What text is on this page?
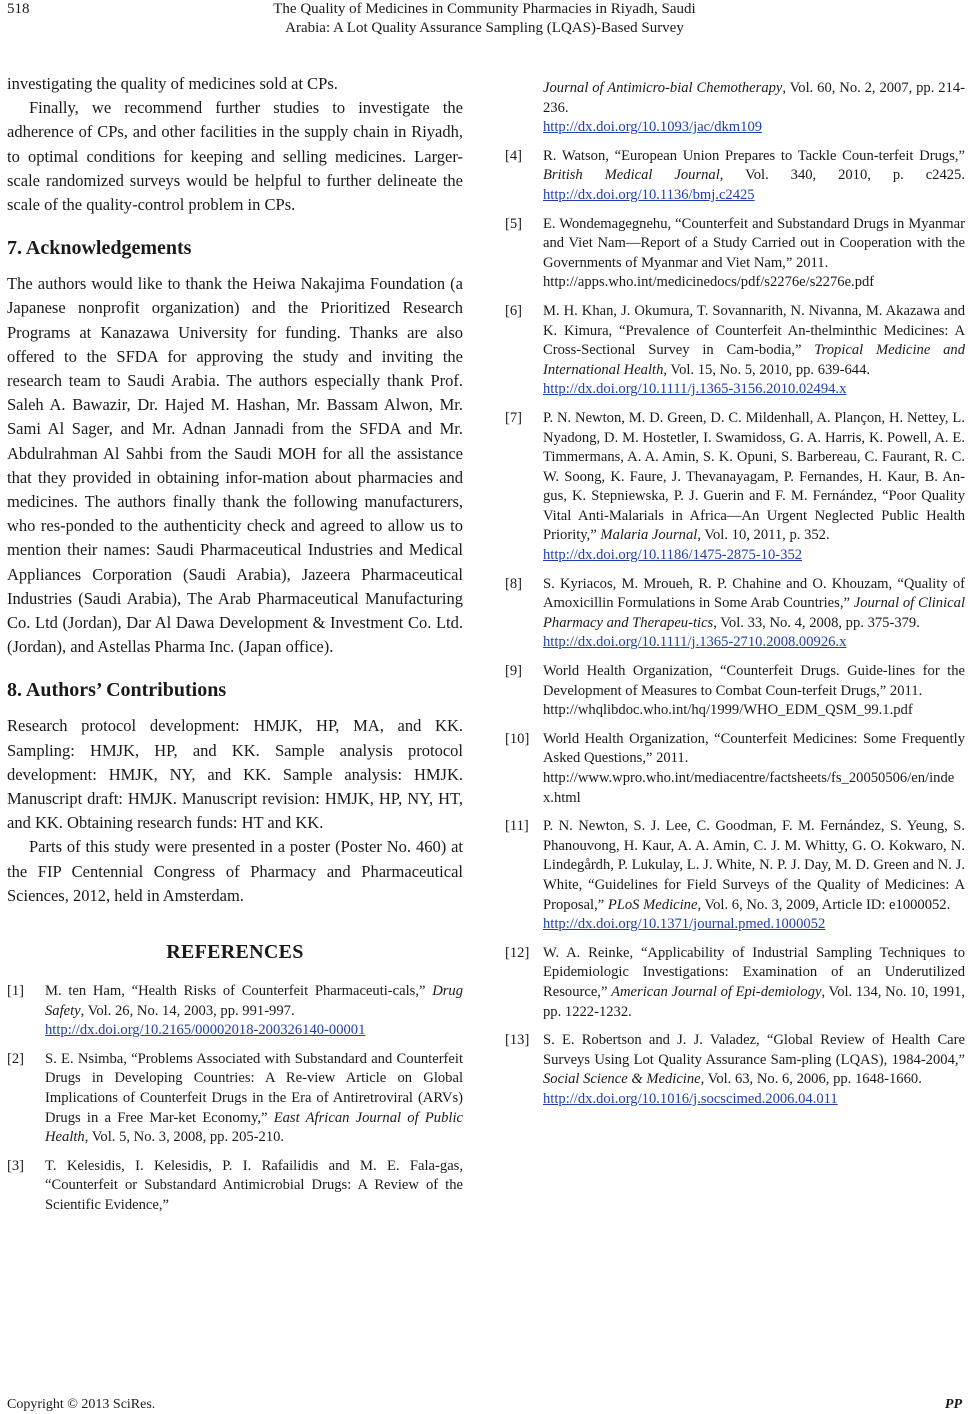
518	The Quality of Medicines in Community Pharmacies in Riyadh, Saudi
Arabia: A Lot Quality Assurance Sampling (LQAS)-Based Survey

investigating the quality of medicines sold at CPs.

Finally, we recommend further studies to investigate the adherence of CPs, and other facilities in the supply chain in Riyadh, to optimal conditions for keeping and selling medicines. Larger-scale randomized surveys would be helpful to further delineate the scale of the quality-control problem in CPs.

7. Acknowledgements

The authors would like to thank the Heiwa Nakajima Foundation (a Japanese nonprofit organization) and the Prioritized Research Programs at Kanazawa University for funding. Thanks are also offered to the SFDA for approving the study and inviting the research team to Saudi Arabia. The authors especially thank Prof. Saleh A. Bawazir, Dr. Hajed M. Hashan, Mr. Bassam Alwon, Mr. Sami Al Sager, and Mr. Adnan Jannadi from the SFDA and Mr. Abdulrahman Al Sahbi from the Saudi MOH for all the assistance that they provided in obtaining infor-mation about pharmacies and medicines. The authors finally thank the following manufacturers, who res-ponded to the authenticity check and agreed to allow us to mention their names: Saudi Pharmaceutical Industries and Medical Appliances Corporation (Saudi Arabia), Jazeera Pharmaceutical Industries (Saudi Arabia), The Arab Pharmaceutical Manufacturing Co. Ltd (Jordan), Dar Al Dawa Development & Investment Co. Ltd. (Jordan), and Astellas Pharma Inc. (Japan office).

8. Authors’ Contributions

Research protocol development: HMJK, HP, MA, and KK. Sampling: HMJK, HP, and KK. Sample analysis protocol development: HMJK, NY, and KK. Sample analysis: HMJK. Manuscript draft: HMJK. Manuscript revision: HMJK, HP, NY, HT, and KK. Obtaining research funds: HT and KK.

Parts of this study were presented in a poster (Poster No. 460) at the FIP Centennial Congress of Pharmacy and Pharmaceutical Sciences, 2012, held in Amsterdam.

REFERENCES
[1]	M. ten Ham, “Health Risks of Counterfeit Pharmaceuti-cals,” Drug Safety, Vol. 26, No. 14, 2003, pp. 991-997.
http://dx.doi.org/10.2165/00002018-200326140-00001
[2]	S. E. Nsimba, “Problems Associated with Substandard and Counterfeit Drugs in Developing Countries: A Re-view Article on Global Implications of Counterfeit Drugs in the Era of Antiretroviral (ARVs) Drugs in a Free Mar-ket Economy,” East African Journal of Public Health, Vol. 5, No. 3, 2008, pp. 205-210.
[3]	T. Kelesidis, I. Kelesidis, P. I. Rafailidis and M. E. Fala-gas, “Counterfeit or Substandard Antimicrobial Drugs: A Review of the Scientific Evidence,”
Journal of Antimicro-bial Chemotherapy, Vol. 60, No. 2, 2007, pp. 214-236.
http://dx.doi.org/10.1093/jac/dkm109
[4]	R. Watson, “European Union Prepares to Tackle Coun-terfeit Drugs,” British Medical Journal, Vol. 340, 2010, p. c2425. http://dx.doi.org/10.1136/bmj.c2425
[5]	E. Wondemagegnehu, “Counterfeit and Substandard Drugs in Myanmar and Viet Nam—Report of a Study Carried out in Cooperation with the Governments of Myanmar and Viet Nam,” 2011.
http://apps.who.int/medicinedocs/pdf/s2276e/s2276e.pdf
[6]	M. H. Khan, J. Okumura, T. Sovannarith, N. Nivanna, M. Akazawa and K. Kimura, “Prevalence of Counterfeit An-thelminthic Medicines: A Cross-Sectional Survey in Cam-bodia,” Tropical Medicine and International Health, Vol. 15, No. 5, 2010, pp. 639-644.
http://dx.doi.org/10.1111/j.1365-3156.2010.02494.x
[7]	P. N. Newton, M. D. Green, D. C. Mildenhall, A. Plançon, H. Nettey, L. Nyadong, D. M. Hostetler, I. Swamidoss, G. A. Harris, K. Powell, A. E. Timmermans, A. A. Amin, S. K. Opuni, S. Barbereau, C. Faurant, R. C. W. Soong, K. Faure, J. Thevanayagam, P. Fernandes, H. Kaur, B. An-gus, K. Stepniewska, P. J. Guerin and F. M. Fernández, “Poor Quality Vital Anti-Malarials in Africa—An Urgent Neglected Public Health Priority,” Malaria Journal, Vol. 10, 2011, p. 352.
http://dx.doi.org/10.1186/1475-2875-10-352
[8]	S. Kyriacos, M. Mroueh, R. P. Chahine and O. Khouzam, “Quality of Amoxicillin Formulations in Some Arab Countries,” Journal of Clinical Pharmacy and Therapeu-tics, Vol. 33, No. 4, 2008, pp. 375-379.
http://dx.doi.org/10.1111/j.1365-2710.2008.00926.x
[9]	World Health Organization, “Counterfeit Drugs. Guide-lines for the Development of Measures to Combat Coun-terfeit Drugs,” 2011.
http://whqlibdoc.who.int/hq/1999/WHO_EDM_QSM_99.1.pdf
[10] World Health Organization, “Counterfeit Medicines: Some Frequently Asked Questions,” 2011.
http://www.wpro.who.int/mediacentre/factsheets/fs_20050506/en/index.html
[11] P. N. Newton, S. J. Lee, C. Goodman, F. M. Fernández, S. Yeung, S. Phanouvong, H. Kaur, A. A. Amin, C. J. M. Whitty, G. O. Kokwaro, N. Lindegårdh, P. Lukulay, L. J. White, N. P. J. Day, M. D. Green and N. J. White, “Guidelines for Field Surveys of the Quality of Medicines: A Proposal,” PLoS Medicine, Vol. 6, No. 3, 2009, Article ID: e1000052.
http://dx.doi.org/10.1371/journal.pmed.1000052
[12] W. A. Reinke, “Applicability of Industrial Sampling Techniques to Epidemiologic Investigations: Examination of an Underutilized Resource,” American Journal of Epi-demiology, Vol. 134, No. 10, 1991, pp. 1222-1232.
[13] S. E. Robertson and J. J. Valadez, “Global Review of Health Care Surveys Using Lot Quality Assurance Sam-pling (LQAS), 1984-2004,” Social Science & Medicine, Vol. 63, No. 6, 2006, pp. 1648-1660.
http://dx.doi.org/10.1016/j.socscimed.2006.04.011
Copyright © 2013 SciRes.	PP
